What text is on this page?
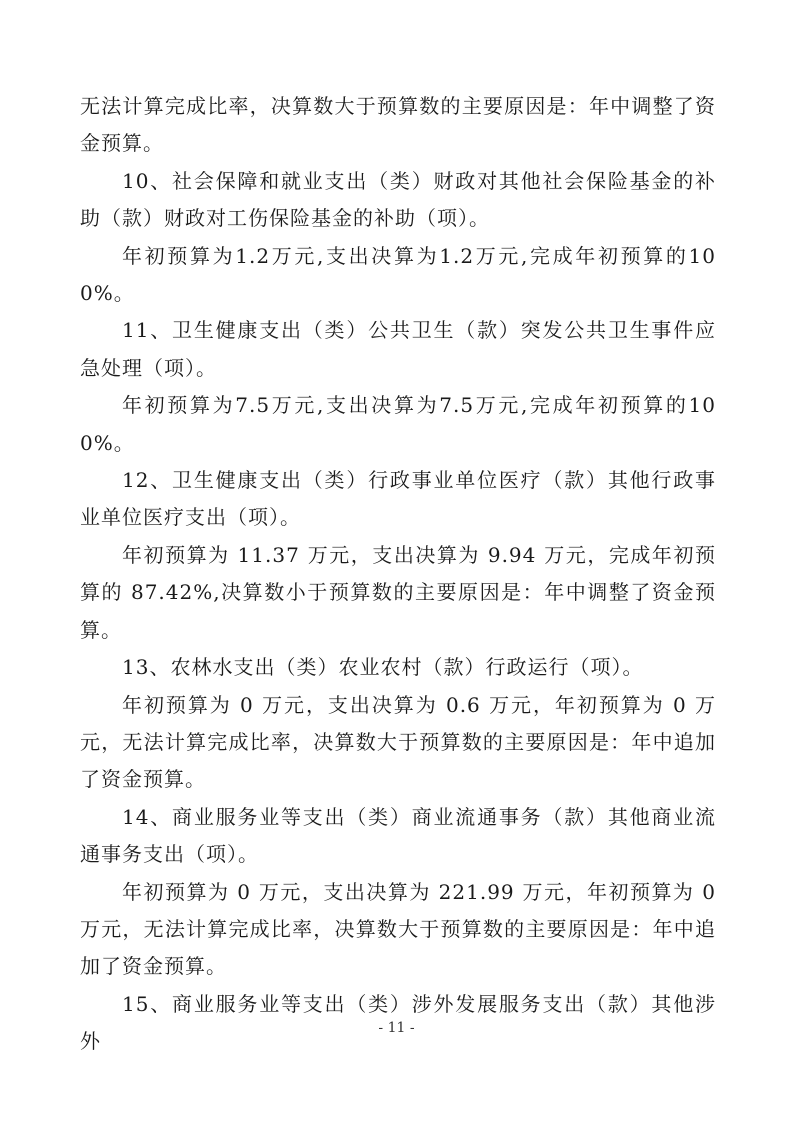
无法计算完成比率，决算数大于预算数的主要原因是：年中调整了资金预算。

10、社会保障和就业支出（类）财政对其他社会保险基金的补助（款）财政对工伤保险基金的补助（项）。

年初预算为1.2万元,支出决算为1.2万元,完成年初预算的100%。

11、卫生健康支出（类）公共卫生（款）突发公共卫生事件应急处理（项）。

年初预算为7.5万元,支出决算为7.5万元,完成年初预算的100%。

12、卫生健康支出（类）行政事业单位医疗（款）其他行政事业单位医疗支出（项）。

年初预算为 11.37 万元，支出决算为 9.94 万元，完成年初预算的 87.42%,决算数小于预算数的主要原因是：年中调整了资金预算。

13、农林水支出（类）农业农村（款）行政运行（项）。

年初预算为 0 万元，支出决算为 0.6 万元，年初预算为 0 万元，无法计算完成比率，决算数大于预算数的主要原因是：年中追加了资金预算。

14、商业服务业等支出（类）商业流通事务（款）其他商业流通事务支出（项）。

年初预算为 0 万元，支出决算为 221.99 万元，年初预算为 0 万元，无法计算完成比率，决算数大于预算数的主要原因是：年中追加了资金预算。

15、商业服务业等支出（类）涉外发展服务支出（款）其他涉外

- 11 -
